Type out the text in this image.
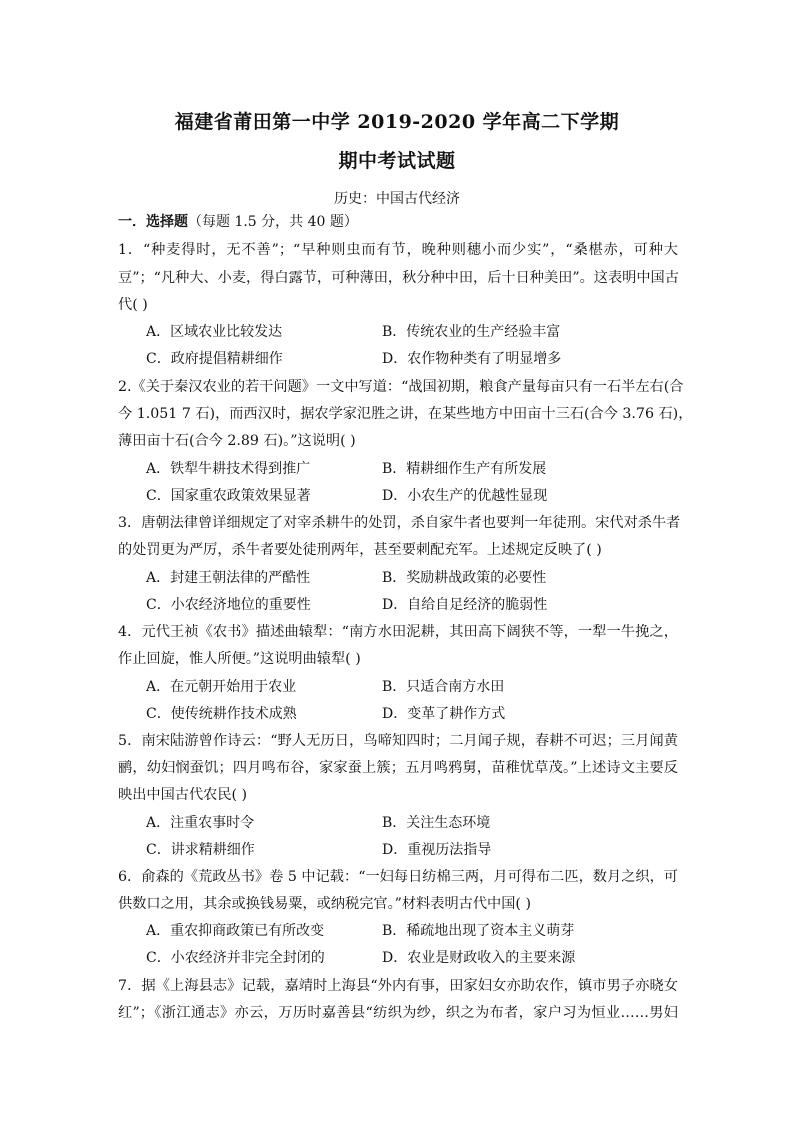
福建省莆田第一中学 2019-2020 学年高二下学期
期中考试试题
历史：中国古代经济
一．选择题（每题 1.5 分，共 40 题）
1．“种麦得时，无不善”；“早种则虫而有节，晚种则穗小而少实”，“桑椹赤，可种大
豆”；“凡种大、小麦，得白露节，可种薄田，秋分种中田，后十日种美田”。这表明中国古
代( )
A．区域农业比较发达	B．传统农业的生产经验丰富
C．政府提倡精耕细作	D．农作物种类有了明显增多
2.《关于秦汉农业的若干问题》一文中写道：“战国初期，粮食产量每亩只有一石半左右(合
今 1.051 7 石)，而西汉时，据农学家氾胜之讲，在某些地方中田亩十三石(合今 3.76 石)，
薄田亩十石(合今 2.89 石)。”这说明( )
A．铁犁牛耕技术得到推广	B．精耕细作生产有所发展
C．国家重农政策效果显著	D．小农生产的优越性显现
3．唐朝法律曾详细规定了对宰杀耕牛的处罚，杀自家牛者也要判一年徒刑。宋代对杀牛者
的处罚更为严厉，杀牛者要处徒刑两年，甚至要刺配充军。上述规定反映了( )
A．封建王朝法律的严酷性	B．奖励耕战政策的必要性
C．小农经济地位的重要性	D．自给自足经济的脆弱性
4．元代王祯《农书》描述曲辕犁：“南方水田泥耕，其田高下阔狭不等，一犁一牛挽之，
作止回旋，惟人所便。”这说明曲辕犁( )
A．在元朝开始用于农业	B．只适合南方水田
C．使传统耕作技术成熟	D．变革了耕作方式
5．南宋陆游曾作诗云：“野人无历日，鸟啼知四时；二月闻子规，春耕不可迟；三月闻黄
鹂，幼妇悯蚕饥；四月鸣布谷，家家蚕上簇；五月鸣鸦舅，苗稚忧草茂。”上述诗文主要反
映出中国古代农民( )
A．注重农事时令	B．关注生态环境
C．讲求精耕细作	D．重视历法指导
6．俞森的《荒政丛书》卷 5 中记载：“一妇每日纺棉三两，月可得布二匹，数月之织，可
供数口之用，其余或换钱易粟，或纳税完官。”材料表明古代中国( )
A．重农抑商政策已有所改变	B．稀疏地出现了资本主义萌芽
C．小农经济并非完全封闭的	D．农业是财政收入的主要来源
7．据《上海县志》记载，嘉靖时上海县“外内有事，田家妇女亦助农作，镇市男子亦晓女
红”；《浙江通志》亦云，万历时嘉善县“纺织为纱，织之为布者，家户习为恒业……男妇
